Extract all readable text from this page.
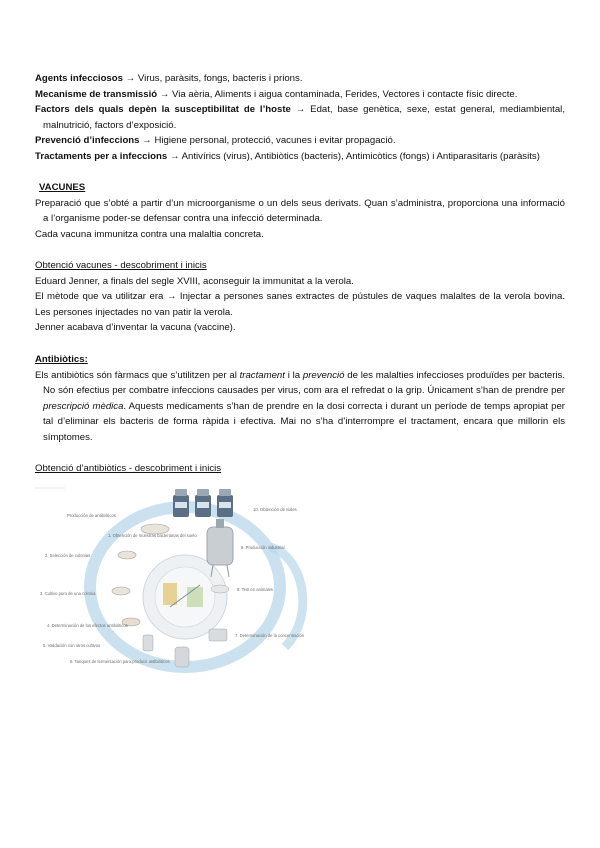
Agents infecciosos → Virus, paràsits, fongs, bacteris i prions.

Mecanisme de transmissió → Via aèria, Aliments i aigua contaminada, Ferides, Vectores i contacte físic directe.

Factors dels quals depèn la susceptibilitat de l’hoste → Edat, base genètica, sexe, estat general, mediambiental, malnutrició, factors d’exposició.

Prevenció d’infeccions → Higiene personal, protecció, vacunes i evitar propagació.

Tractaments per a infeccions → Antivírics (virus), Antibiòtics (bacteris), Antimicòtics (fongs) i Antiparasitaris (paràsits)

VACUNES

Preparació que s’obté a partir d’un microorganisme o un dels seus derivats. Quan s’administra, proporciona una informació a l’organisme poder-se defensar contra una infecció determinada.

Cada vacuna immunitza contra una malaltia concreta.

Obtenció vacunes - descobriment i inicis

Eduard Jenner, a finals del segle XVIII, aconseguir la immunitat a la verola.

El mètode que va utilitzar era → Injectar a persones sanes extractes de pústules de vaques malaltes de la verola bovina. Les persones injectades no van patir la verola.

Jenner acabava d’inventar la vacuna (vaccine).

Antibiòtics:

Els antibiòtics són fàrmacs que s’utilitzen per al tractament i la prevenció de les malalties infeccioses produïdes per bacteris. No són efectius per combatre infeccions causades per virus, com ara el refredat o la grip. Únicament s’han de prendre per prescripció mèdica. Aquests medicaments s’han de prendre en la dosi correcta i durant un període de temps apropiat per tal d’eliminar els bacteris de forma ràpida i efectiva. Mai no s’ha d’interrompre el tractament, encara que millorin els símptomes.

Obtenció d’antibiòtics - descobriment i inicis

Producción de antibióticos
1. Obtención de muestras bacterianas del suelo
2. Selección de colonias
3. Cultivo puro de una colonia
4. Determinación de los efectos antibióticos
5. Validación con otros cultivos
6. Tanques de fermentación para producir antibióticos
7. Determinación de la concentración
8. Test en animales
9. Producción industrial
10. Obtención de viales
